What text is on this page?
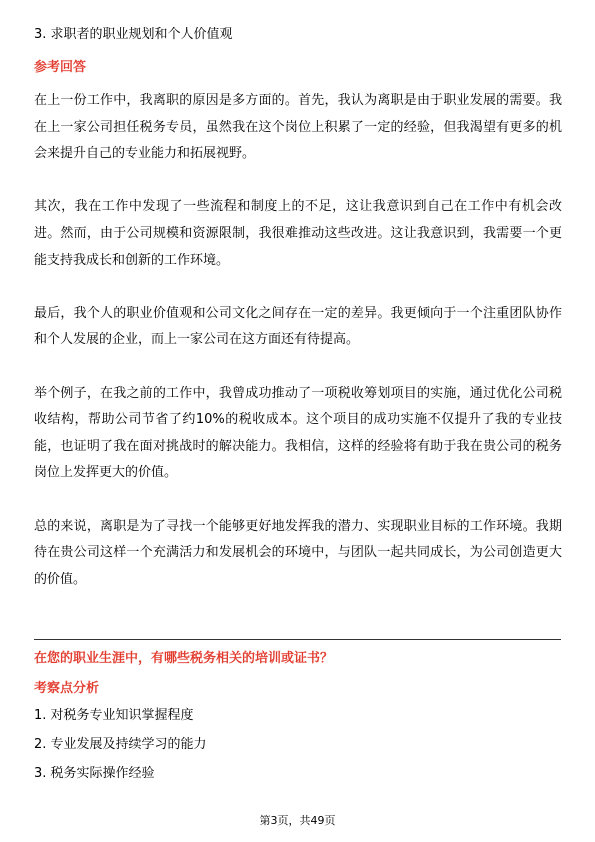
3. 求职者的职业规划和个人价值观

参考回答

在上一份工作中，我离职的原因是多方面的。首先，我认为离职是由于职业发展的需要。我在上一家公司担任税务专员，虽然我在这个岗位上积累了一定的经验，但我渴望有更多的机会来提升自己的专业能力和拓展视野。

其次，我在工作中发现了一些流程和制度上的不足，这让我意识到自己在工作中有机会改进。然而，由于公司规模和资源限制，我很难推动这些改进。这让我意识到，我需要一个更能支持我成长和创新的工作环境。

最后，我个人的职业价值观和公司文化之间存在一定的差异。我更倾向于一个注重团队协作和个人发展的企业，而上一家公司在这方面还有待提高。

举个例子，在我之前的工作中，我曾成功推动了一项税收筹划项目的实施，通过优化公司税收结构，帮助公司节省了约10%的税收成本。这个项目的成功实施不仅提升了我的专业技能，也证明了我在面对挑战时的解决能力。我相信，这样的经验将有助于我在贵公司的税务岗位上发挥更大的价值。

总的来说，离职是为了寻找一个能够更好地发挥我的潜力、实现职业目标的工作环境。我期待在贵公司这样一个充满活力和发展机会的环境中，与团队一起共同成长，为公司创造更大的价值。

在您的职业生涯中，有哪些税务相关的培训或证书？

考察点分析

1. 对税务专业知识掌握程度
2. 专业发展及持续学习的能力
3. 税务实际操作经验
第3页，共49页
